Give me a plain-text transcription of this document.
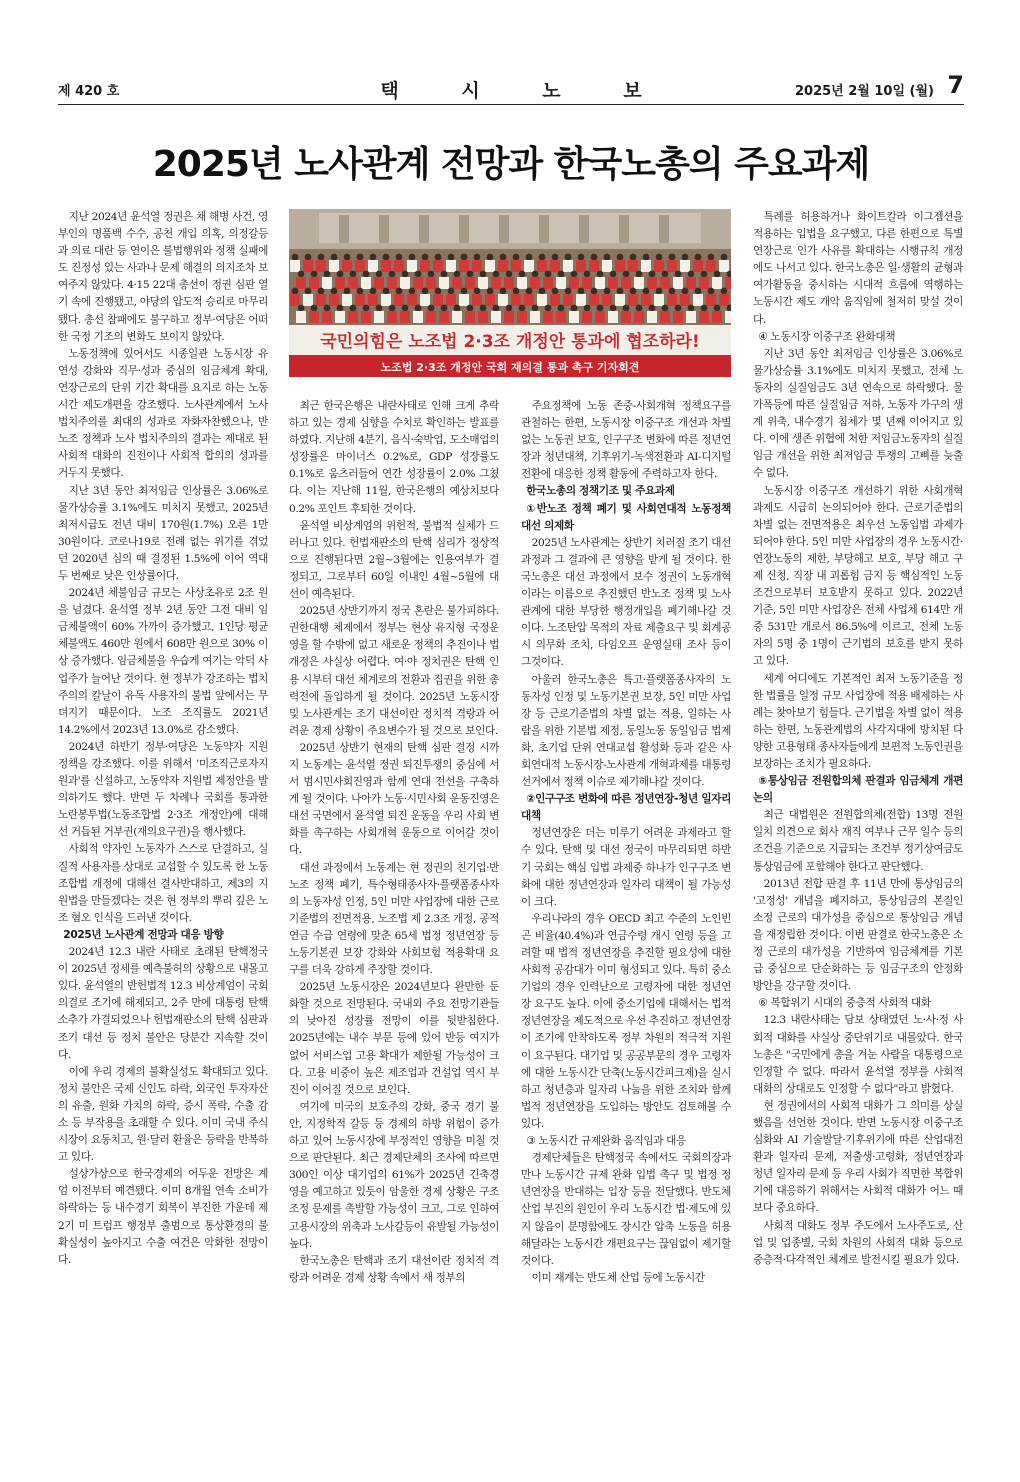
제 420 호	택 시 노 보	2025년 2월 10일 (월) 7
2025년 노사관계 전망과 한국노총의 주요과제
국민의힘은 노조법 2·3조 개정안 통과에 협조하라!
노조법 2·3조 개정안 국회 재의결 통과 촉구 기자회견

지난 2024년 윤석열 정권은 채 해병 사건, 영부인의 명품백 수수, 공천 개입 의혹, 의정갈등과 의료 대란 등 연이은 불법행위와 정책 실패에도 진정성 있는 사과나 문제 해결의 의지조차 보여주지 않았다. 4·15 22대 총선이 정권 심판 열기 속에 진행됐고, 야당의 압도적 승리로 마무리됐다. 총선 참패에도 불구하고 정부·여당은 어떠한 국정 기조의 변화도 보이지 않았다.

노동정책에 있어서도 시종일관 노동시장 유연성 강화와 직무·성과 중심의 임금체계 확대, 연장근로의 단위 기간 확대를 요지로 하는 노동시간 제도개편을 강조했다. 노사관계에서 노사 법치주의를 최대의 성과로 자화자찬했으나, 반노조 정책과 노사 법치주의의 결과는 제대로 된 사회적 대화의 진전이나 사회적 합의의 성과를 거두지 못했다.

지난 3년 동안 최저임금 인상률은 3.06%로 물가상승률 3.1%에도 미치지 못했고, 2025년 최저시급도 전년 대비 170원(1.7%) 오른 1만 30원이다. 코로나19로 전례 없는 위기를 겪었던 2020년 심의 때 결정된 1.5%에 이어 역대 두 번째로 낮은 인상률이다.

2024년 체불임금 규모는 사상초유로 2조 원을 넘겼다. 윤석열 정부 2년 동안 그전 대비 임금체불액이 60% 가까이 증가했고, 1인당 평균 체불액도 460만 원에서 608만 원으로 30% 이상 증가했다. 임금체불을 우습게 여기는 악덕 사업주가 늘어난 것이다. 현 정부가 강조하는 법치주의의 칼날이 유독 사용자의 불법 앞에서는 무뎌지기 때문이다. 노조 조직률도 2021년 14.2%에서 2023년 13.0%로 감소했다.

2024년 하반기 정부·여당은 노동약자 지원 정책을 강조했다. 이를 위해서 '미조직근로자지원과'를 신설하고, 노동약자 지원법 제정안을 발의하기도 했다. 반면 두 차례나 국회를 통과한 노란봉투법(노동조합법 2·3조 개정안)에 대해선 거듭된 거부권(재의요구권)을 행사했다.

사회적 약자인 노동자가 스스로 단결하고, 실질적 사용자를 상대로 교섭할 수 있도록 한 노동조합법 개정에 대해선 결사반대하고, 제3의 지원법을 만들겠다는 것은 현 정부의 뿌리 깊은 노조 혐오 인식을 드러낸 것이다.

2025년 노사관계 전망과 대응 방향

2024년 12.3 내란 사태로 초래된 탄핵정국이 2025년 정세를 예측불허의 상황으로 내몰고 있다. 윤석열의 반헌법적 12.3 비상계엄이 국회 의결로 조기에 해제되고, 2주 만에 대통령 탄핵 소추가 가결되었으나 헌법재판소의 탄핵 심판과 조기 대선 등 정치 불안은 당분간 지속할 것이다.

이에 우리 경제의 불확실성도 확대되고 있다. 정치 불안은 국제 신인도 하락, 외국인 투자자산의 유출, 원화 가치의 하락, 증시 폭락, 수출 감소 등 부작용을 초래할 수 있다. 이미 국내 주식시장이 요동치고, 원·달러 환율은 등락을 반복하고 있다.

설상가상으로 한국경제의 어두운 전망은 계엄 이전부터 예견됐다. 이미 8개월 연속 소비가 하락하는 등 내수경기 회복이 부진한 가운데 제2기 미 트럼프 행정부 출범으로 통상환경의 불확실성이 높아지고 수출 여건은 악화한 전망이다.

최근 한국은행은 내란사태로 인해 크게 추락하고 있는 경제 심향을 수치로 확인하는 발표를 하였다. 지난해 4분기, 음식·숙박업, 도소매업의 성장률은 마이너스 0.2%로, GDP 성장률도 0.1%로 움츠러들어 연간 성장률이 2.0% 그쳤다. 이는 지난해 11월, 한국은행의 예상치보다 0.2% 포인트 후퇴한 것이다.

윤석열 비상계엄의 위헌적, 불법적 실체가 드러나고 있다. 헌법재판소의 탄핵 심리가 정상적으로 진행된다면 2월~3월에는 인용여부가 결정되고, 그로부터 60일 이내인 4월~5월에 대선이 예측된다.

2025년 상반기까지 정국 혼란은 불가피하다. 권한대행 체제에서 정부는 현상 유지형 국정운영을 할 수밖에 없고 새로운 정책의 추진이나 법 개정은 사실상 어렵다. 여·야 정치권은 탄핵 인용 시부터 대선 체계로의 전환과 집권을 위한 총력전에 돌입하게 될 것이다. 2025년 노동시장 및 노사관계는 조기 대선이란 정치적 격랑과 어려운 경제 상황이 주요변수가 될 것으로 보인다.

2025년 상반기 현재의 탄핵 심판 결정 시까지 노동계는 윤석열 정권 퇴진투쟁의 중심에 서서 범시민사회진영과 함께 연대 전선을 구축하게 될 것이다. 나아가 노동·시민사회 운동진영은 대선 국면에서 윤석열 퇴진 운동을 우리 사회 변화를 촉구하는 사회개혁 운동으로 이어갈 것이다.

대선 과정에서 노동계는 현 정권의 친기업·반노조 정책 폐기, 특수형태종사자·플랫폼종사자의 노동자성 인정, 5인 미만 사업장에 대한 근로기준법의 전면적용, 노조법 제 2.3조 개정, 공적연금 수급 연령에 맞춘 65세 법정 정년연장 등 노동기본권 보장 강화와 사회보험 적용확대 요구를 더욱 강하게 주장할 것이다.

2025년 노동시장은 2024년보다 완만한 둔화할 것으로 전망된다. 국내외 주요 전망기관들의 낮아진 성장률 전망이 이를 뒷받침한다. 2025년에는 내수 부문 등에 있어 반등 여지가 없어 서비스업 고용 확대가 제한될 가능성이 크다. 고용 비중이 높은 제조업과 건설업 역시 부진이 이어질 것으로 보인다.

여기에 미국의 보호주의 강화, 중국 경기 불안, 지정학적 갈등 등 경제의 하방 위험이 증가하고 있어 노동시장에 부정적인 영향을 미칠 것으로 판단된다. 최근 경제단체의 조사에 따르면 300인 이상 대기업의 61%가 2025년 긴축경영을 예고하고 있듯이 암울한 경제 상황은 구조조정 문제를 촉발할 가능성이 크고, 그로 인하여 고용시장의 위축과 노사갈등이 유발될 가능성이 높다.

한국노총은 탄핵과 조기 대선이란 정치적 격랑과 어려운 경제 상황 속에서 새 정부의

주요정책에 노동 존중-사회개혁 정책요구를 관철하는 한편, 노동시장 이중구조 개선과 차별 없는 노동권 보호, 인구구조 변화에 따른 정년연장과 청년대책, 기후위기-녹색전환과 AI-디지털 전환에 대응한 정책 활동에 주력하고자 한다.

한국노총의 정책기조 및 주요과제
①반노조 정책 폐기 및 사회연대적 노동정책 대선 의제화

2025년 노사관계는 상반기 치러질 조기 대선 과정과 그 결과에 큰 영향을 받게 될 것이다. 한국노총은 대선 과정에서 보수 정권이 노동개혁이라는 이름으로 추진했던 반노조 정책 및 노사관계에 대한 부당한 행정개입을 폐기해나갈 것이다. 노조탄압 목적의 자료 제출요구 및 회계공시 의무화 조치, 타임오프 운영실태 조사 등이 그것이다.

아울러 한국노총은 특고·플랫폼종사자의 노동자성 인정 및 노동기본권 보장, 5인 미만 사업장 등 근로기준법의 차별 없는 적용, 일하는 사람을 위한 기본법 제정, 동일노동 동일임금 법제화, 초기업 단위 연대교섭 활성화 등과 같은 사회연대적 노동시장-노사관계 개혁과제를 대통령 선거에서 정책 이슈로 제기해나갈 것이다.

②인구구조 변화에 따른 정년연장-청년 일자리 대책

정년연장은 더는 미루기 어려운 과제라고 할 수 있다. 탄핵 및 대선 정국이 마무리되면 하반기 국회는 핵심 입법 과제중 하나가 인구구조 변화에 대한 정년연장과 일자리 대책이 될 가능성이 크다.

우리나라의 경우 OECD 최고 수준의 노인빈곤 비율(40.4%)과 연금수령 개시 연령 등을 고려할 때 법적 정년연장을 추진할 필요성에 대한 사회적 공감대가 이미 형성되고 있다. 특히 중소기업의 경우 인력난으로 고령자에 대한 정년연장 요구도 높다. 이에 중소기업에 대해서는 법적 정년연장을 제도적으로 우선 추진하고 정년연장이 조기에 안착하도록 정부 차원의 적극적 지원이 요구된다. 대기업 및 공공부문의 경우 고령자에 대한 노동시간 단축(노동시간피크제)을 실시하고 청년층과 일자리 나눔을 위한 조치와 함께 법적 정년연장을 도입하는 방안도 검토해볼 수 있다.

③ 노동시간 규제완화 움직임과 대응

경제단체들은 탄핵정국 속에서도 국회의장과 만나 노동시간 규제 완화 입법 촉구 및 법정 정년연장을 반대하는 입장 등을 전달했다. 반도체 산업 부진의 원인이 우리 노동시간 법·제도에 있지 않음이 분명함에도 장시간 압축 노동을 허용해달라는 노동시간 개편요구는 끊임없이 제기할 것이다.

이미 재계는 반도체 산업 등에 노동시간

특례를 허용하거나 화이트칼라 이그젬션을 적용하는 입법을 요구했고, 다른 한편으로 특별연장근로 인가 사유를 확대하는 시행규칙 개정에도 나서고 있다. 한국노총은 일·생활의 균형과 여가활동을 중시하는 시대적 흐름에 역행하는 노동시간 제도 개악 움직임에 철저히 맞설 것이다.

④ 노동시장 이중구조 완화대책

지난 3년 동안 최저임금 인상률은 3.06%로 물가상승률 3.1%에도 미치지 못했고, 전체 노동자의 실질임금도 3년 연속으로 하락했다. 물가폭등에 따른 실질임금 저하, 노동자 가구의 생계 위축, 내수경기 침체가 몇 년째 이어지고 있다. 이에 생존 위협에 처한 저임금노동자의 실질임금 개선을 위한 최저임금 투쟁의 고삐를 늦출 수 없다.

노동시장 이중구조 개선하기 위한 사회개혁 과제도 시급히 논의되어야 한다. 근로기준법의 차별 없는 전면적용은 최우선 노동입법 과제가 되어야 한다. 5인 미만 사업장의 경우 노동시간·연장노동의 제한, 부당해고 보호, 부당 해고 구제 신청, 직장 내 괴롭힘 금지 등 핵심적인 노동조건으로부터 보호받지 못하고 있다. 2022년 기준, 5인 미만 사업장은 전체 사업체 614만 개중 531만 개로서 86.5%에 이르고, 전체 노동자의 5명 중 1명이 근기법의 보호를 받지 못하고 있다.

세계 어디에도 기본적인 최저 노동기준을 정한 법률을 일정 규모 사업장에 적용 배제하는 사례는 찾아보기 힘들다. 근기법을 차별 없이 적용하는 한편, 노동관계법의 사각지대에 방치된 다양한 고용형태 종사자들에게 보편적 노동인권을 보장하는 조치가 필요하다.

⑤통상임금 전원합의체 판결과 임금체계 개편논의

최근 대법원은 전원합의체(전합) 13명 전원일치 의견으로 회사 재직 여부나 근무 일수 등의 조건을 기준으로 지급되는 조건부 정기상여금도 통상임금에 포함해야 한다고 판단했다.

2013년 전합 판결 후 11년 만에 통상임금의 '고정성' 개념을 폐지하고, 통상임금의 본질인 소정 근로의 대가성을 중심으로 통상임금 개념을 재정립한 것이다. 이번 판결로 한국노총은 소정 근로의 대가성을 기반하여 임금체계를 기본급 중심으로 단순화하는 등 임금구조의 안정화 방안을 강구할 것이다.

⑥ 복합위기 시대의 중층적 사회적 대화

12.3 내란사태는 담보 상태였던 노·사·정 사회적 대화를 사실상 중단위기로 내몰았다. 한국노총은 "국민에게 총을 겨눈 사람을 대통령으로 인정할 수 없다. 따라서 윤석열 정부를 사회적 대화의 상대로도 인정할 수 없다"라고 밝혔다.

현 정권에서의 사회적 대화가 그 의미를 상실했음을 선언한 것이다. 반면 노동시장 이중구조 심화와 AI 기술발달·기후위기에 따른 산업대전환과 일자리 문제, 저출생·고령화, 정년연장과 청년 일자리 문제 등 우리 사회가 직면한 복합위기에 대응하기 위해서는 사회적 대화가 어느 때보다 중요하다.

사회적 대화도 정부 주도에서 노사주도로, 산업 및 업종별, 국회 차원의 사회적 대화 등으로 중층적·다각적인 체계로 발전시킬 필요가 있다.
